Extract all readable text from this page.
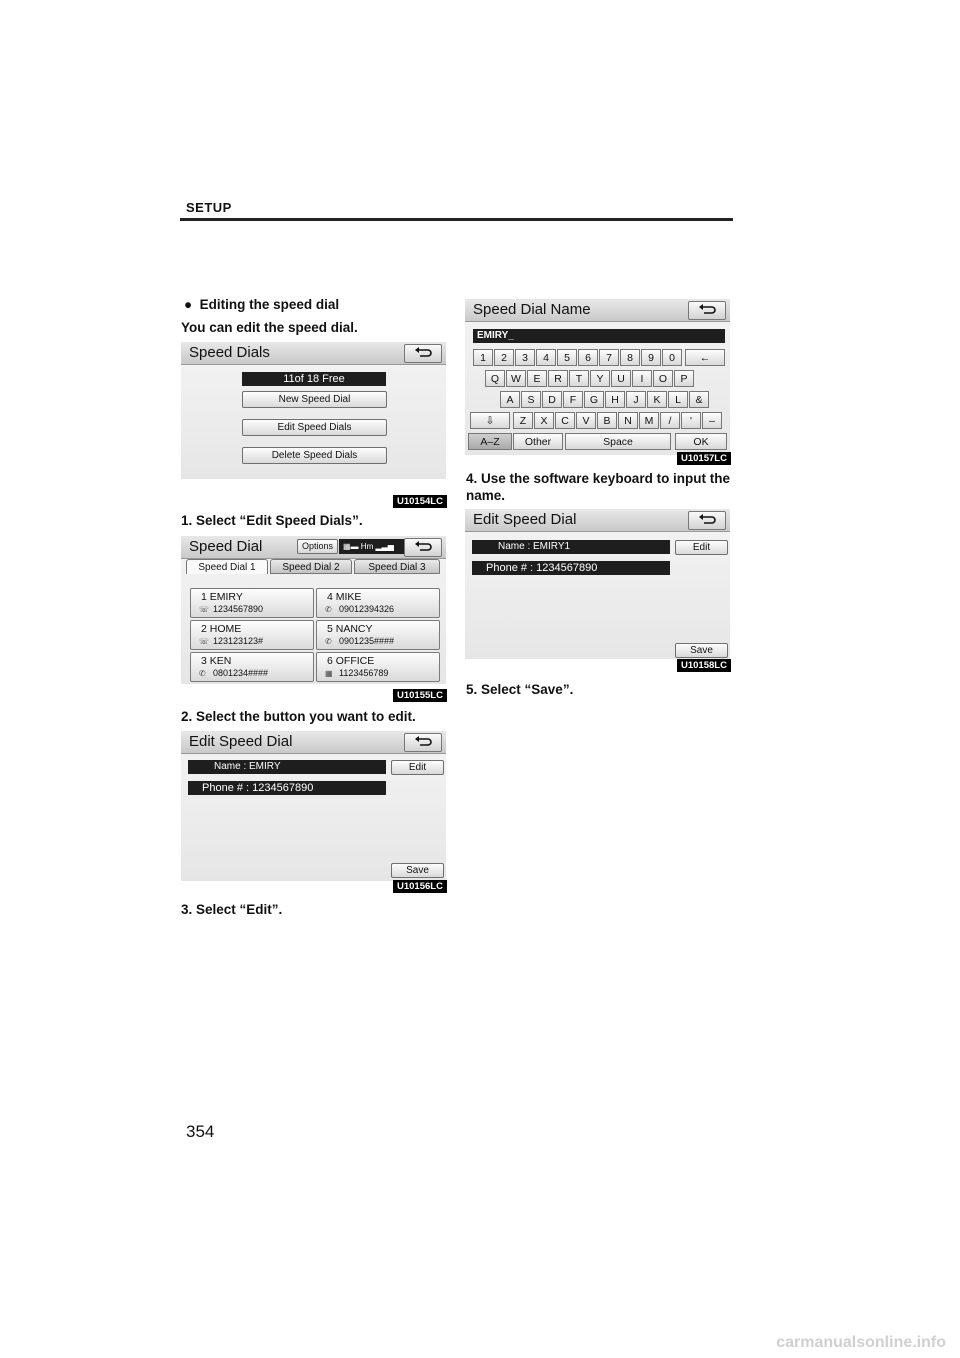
SETUP
● Editing the speed dial
You can edit the speed dial.
Speed Dials
11of 18 Free
New Speed Dial
Edit Speed Dials
Delete Speed Dials
U10154LC
1. Select “Edit Speed Dials”.
Speed Dial	Options	▦▬ Hm ▂▃▅
Speed Dial 1	Speed Dial 2	Speed Dial 3
1 EMIRY
☏ 1234567890
2 HOME
☏ 123123123#
3 KEN
✆ 0801234####
4 MIKE
✆ 09012394326
5 NANCY
✆ 0901235####
6 OFFICE
▦ 1123456789
U10155LC
2. Select the button you want to edit.
Edit Speed Dial
Name : EMIRY	Edit
Phone # : 1234567890
Save
U10156LC
3. Select “Edit”.
Speed Dial Name
EMIRY_
1	2	3	4	5	6	7	8	9	0	←
Q	W	E	R	T	Y	U	I	O	P
A	S	D	F	G	H	J	K	L	&
⇩	Z	X	C	V	B	N	M	/	'	–
A–Z	Other	Space	OK
U10157LC
4. Use the software keyboard to input the name.
Edit Speed Dial
Name : EMIRY1	Edit
Phone # : 1234567890
Save
U10158LC
5. Select “Save”.
354
carmanualsonline.info
